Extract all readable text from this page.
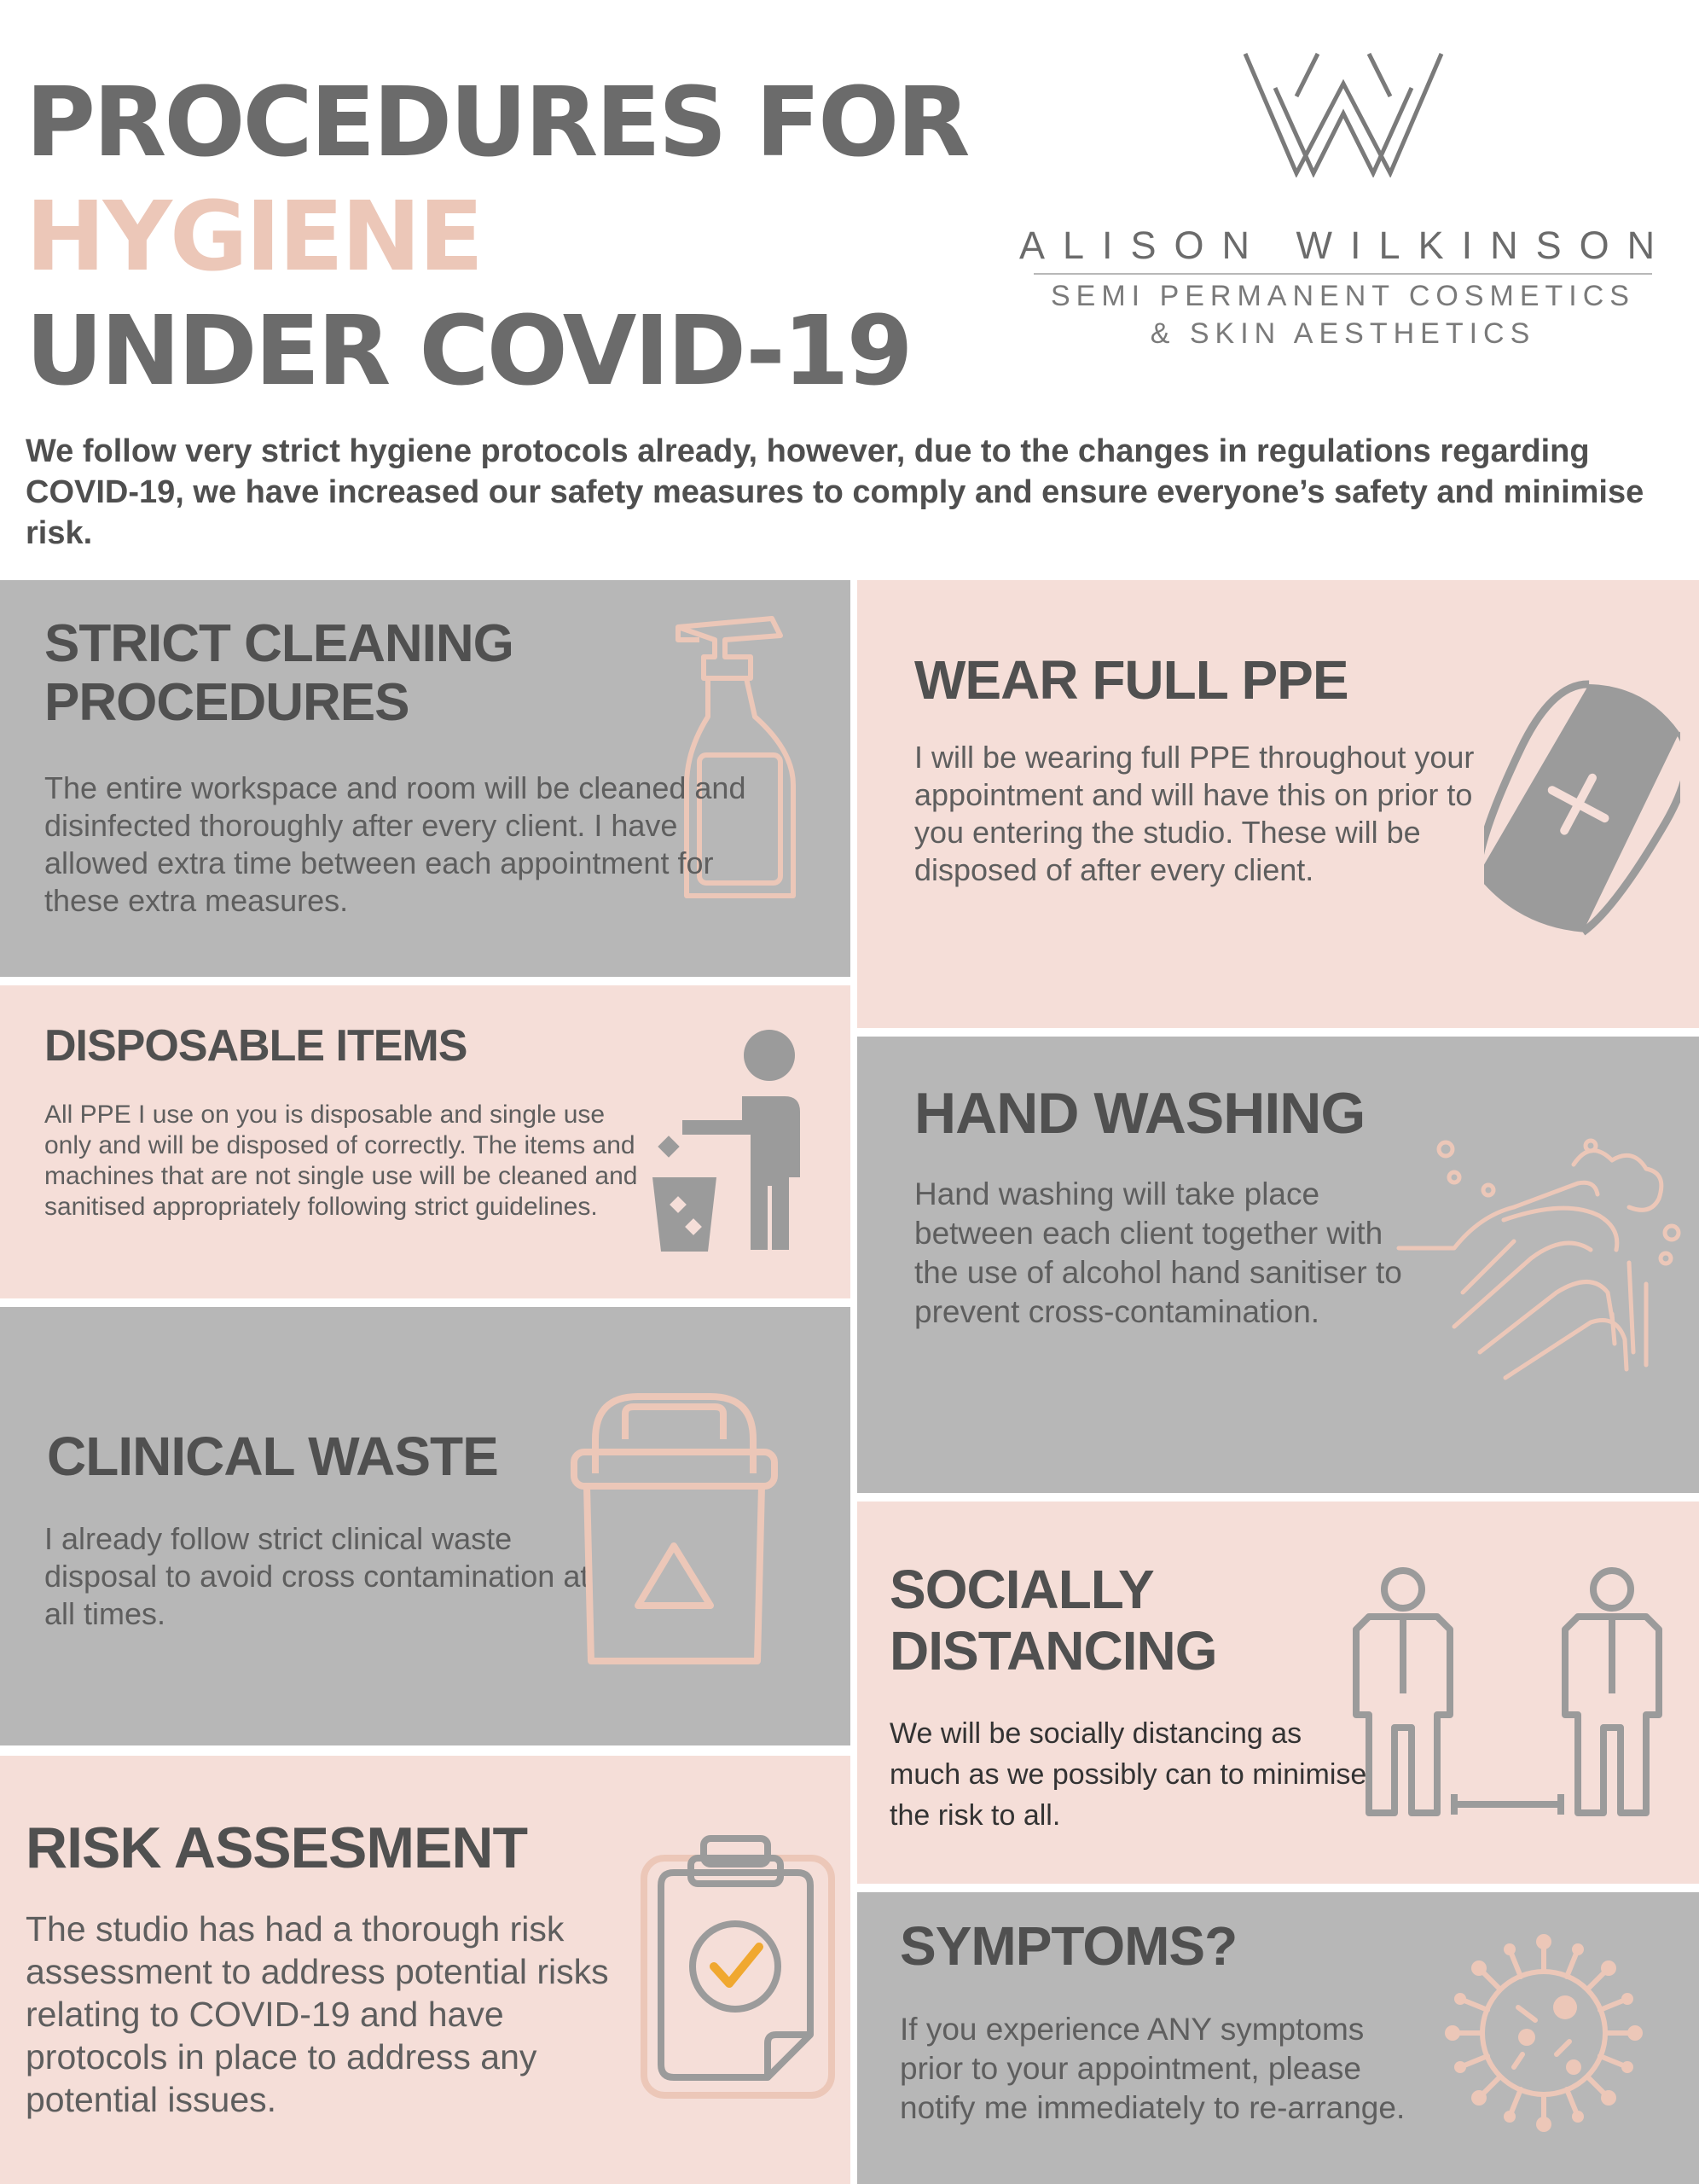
PROCEDURES FOR
HYGIENE
UNDER COVID-19
ALISON WILKINSON
SEMI PERMANENT COSMETICS
& SKIN AESTHETICS

We follow very strict hygiene protocols already, however, due to the changes in regulations regarding COVID-19, we have increased our safety measures to comply and ensure everyone’s safety and minimise risk.

STRICT CLEANING PROCEDURES

The entire workspace and room will be cleaned and disinfected thoroughly after every client. I have allowed extra time between each appointment for these extra measures.

DISPOSABLE ITEMS

All PPE I use on you is disposable and single use only and will be disposed of correctly. The items and machines that are not single use will be cleaned and sanitised appropriately following strict guidelines.

CLINICAL WASTE

I already follow strict clinical waste disposal to avoid cross contamination at all times.

RISK ASSESMENT

The studio has had a thorough risk assessment to address potential risks relating to COVID-19 and have protocols in place to address any potential issues.

WEAR FULL PPE

I will be wearing full PPE throughout your appointment and will have this on prior to you entering the studio. These will be disposed of after every client.

HAND WASHING

Hand washing will take place between each client together with the use of alcohol hand sanitiser to prevent cross-contamination.

SOCIALLY DISTANCING

We will be socially distancing as much as we possibly can to minimise the risk to all.

SYMPTOMS?

If you experience ANY symptoms prior to your appointment, please notify me immediately to re-arrange.
